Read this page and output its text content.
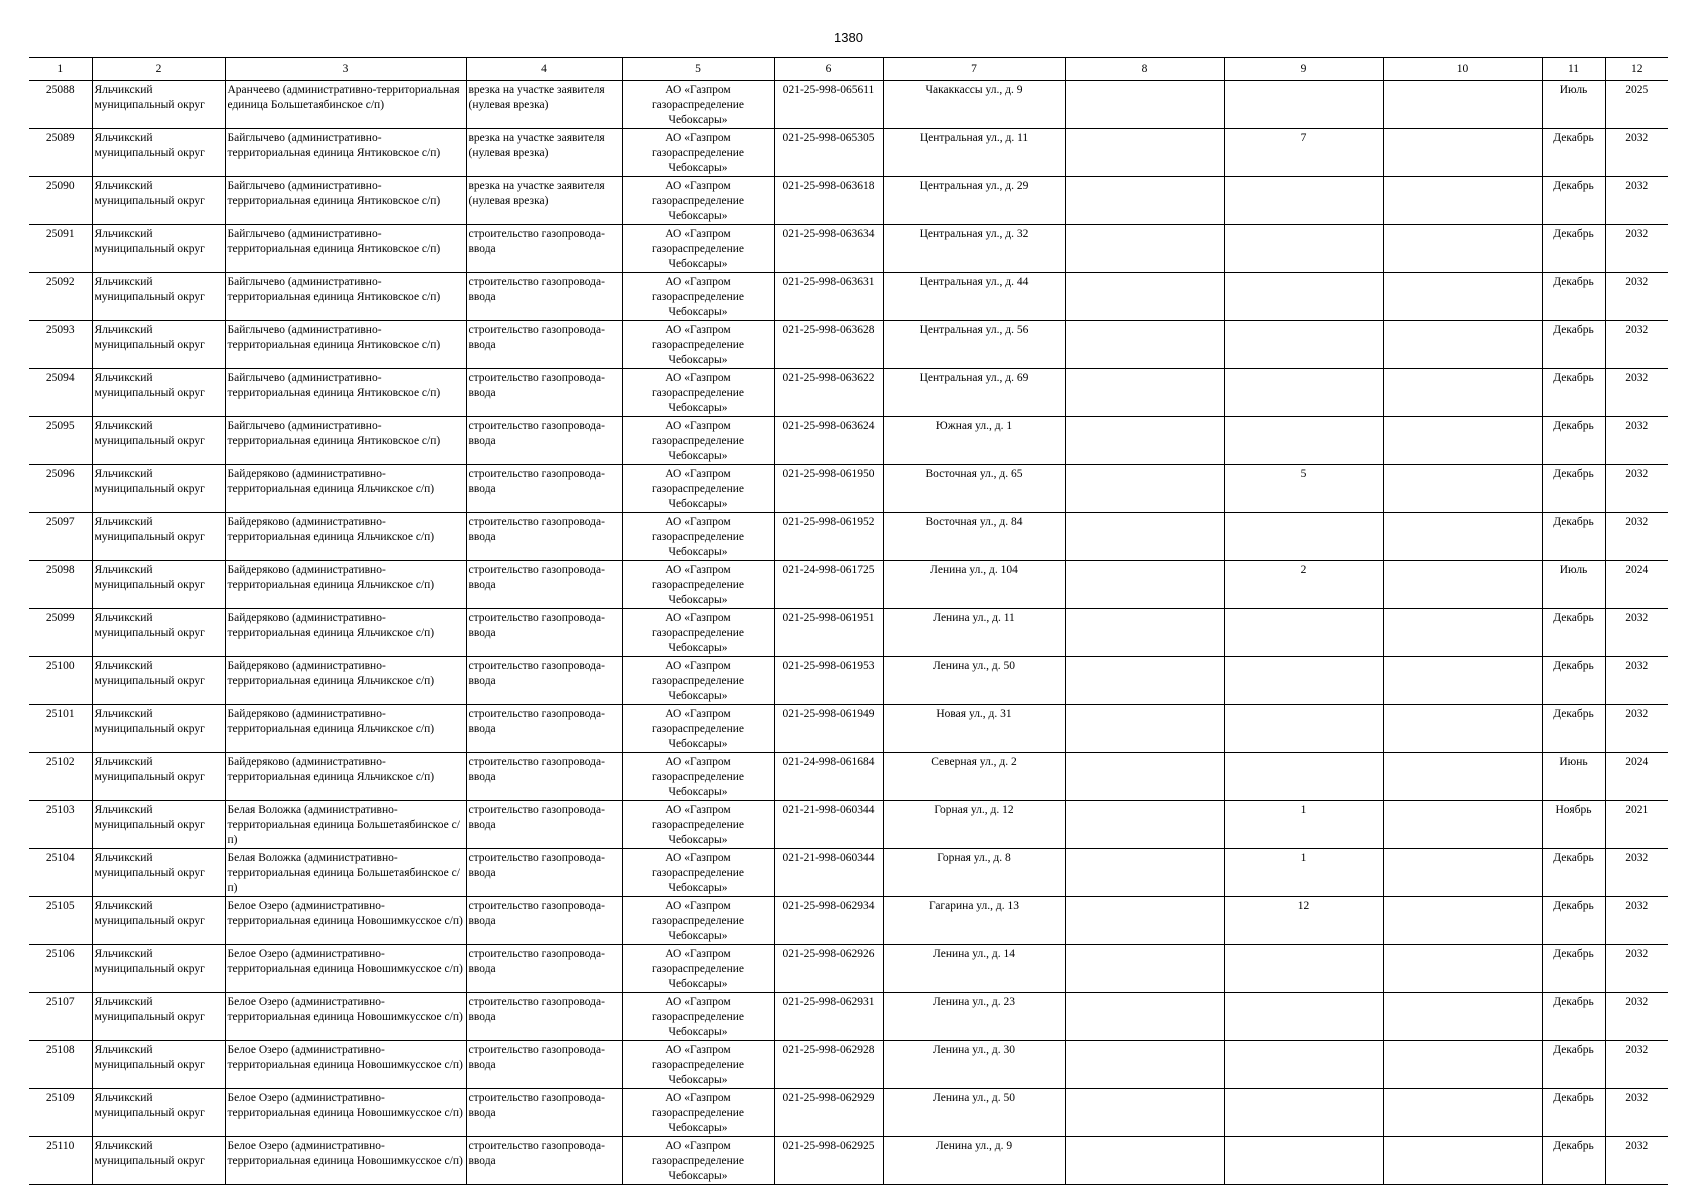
1380
1	2	3	4	5	6	7	8	9	10	11	12
25088	Яльчикский муниципальный округ	Аранчеево (административно-территориальная единица Большетаябинское с/п)	врезка на участке заявителя (нулевая врезка)	АО «Газпром газораспределение Чебоксары»	021-25-998-065611	Чакаккассы ул., д. 9				Июль	2025
25089	Яльчикский муниципальный округ	Байглычево (административно-территориальная единица Янтиковское с/п)	врезка на участке заявителя (нулевая врезка)	АО «Газпром газораспределение Чебоксары»	021-25-998-065305	Центральная ул., д. 11		7		Декабрь	2032
25090	Яльчикский муниципальный округ	Байглычево (административно-территориальная единица Янтиковское с/п)	врезка на участке заявителя (нулевая врезка)	АО «Газпром газораспределение Чебоксары»	021-25-998-063618	Центральная ул., д. 29				Декабрь	2032
25091	Яльчикский муниципальный округ	Байглычево (административно-территориальная единица Янтиковское с/п)	строительство газопровода-ввода	АО «Газпром газораспределение Чебоксары»	021-25-998-063634	Центральная ул., д. 32				Декабрь	2032
25092	Яльчикский муниципальный округ	Байглычево (административно-территориальная единица Янтиковское с/п)	строительство газопровода-ввода	АО «Газпром газораспределение Чебоксары»	021-25-998-063631	Центральная ул., д. 44				Декабрь	2032
25093	Яльчикский муниципальный округ	Байглычево (административно-территориальная единица Янтиковское с/п)	строительство газопровода-ввода	АО «Газпром газораспределение Чебоксары»	021-25-998-063628	Центральная ул., д. 56				Декабрь	2032
25094	Яльчикский муниципальный округ	Байглычево (административно-территориальная единица Янтиковское с/п)	строительство газопровода-ввода	АО «Газпром газораспределение Чебоксары»	021-25-998-063622	Центральная ул., д. 69				Декабрь	2032
25095	Яльчикский муниципальный округ	Байглычево (административно-территориальная единица Янтиковское с/п)	строительство газопровода-ввода	АО «Газпром газораспределение Чебоксары»	021-25-998-063624	Южная ул., д. 1				Декабрь	2032
25096	Яльчикский муниципальный округ	Байдеряково (административно-территориальная единица Яльчикское с/п)	строительство газопровода-ввода	АО «Газпром газораспределение Чебоксары»	021-25-998-061950	Восточная ул., д. 65		5		Декабрь	2032
25097	Яльчикский муниципальный округ	Байдеряково (административно-территориальная единица Яльчикское с/п)	строительство газопровода-ввода	АО «Газпром газораспределение Чебоксары»	021-25-998-061952	Восточная ул., д. 84				Декабрь	2032
25098	Яльчикский муниципальный округ	Байдеряково (административно-территориальная единица Яльчикское с/п)	строительство газопровода-ввода	АО «Газпром газораспределение Чебоксары»	021-24-998-061725	Ленина ул., д. 104		2		Июль	2024
25099	Яльчикский муниципальный округ	Байдеряково (административно-территориальная единица Яльчикское с/п)	строительство газопровода-ввода	АО «Газпром газораспределение Чебоксары»	021-25-998-061951	Ленина ул., д. 11				Декабрь	2032
25100	Яльчикский муниципальный округ	Байдеряково (административно-территориальная единица Яльчикское с/п)	строительство газопровода-ввода	АО «Газпром газораспределение Чебоксары»	021-25-998-061953	Ленина ул., д. 50				Декабрь	2032
25101	Яльчикский муниципальный округ	Байдеряково (административно-территориальная единица Яльчикское с/п)	строительство газопровода-ввода	АО «Газпром газораспределение Чебоксары»	021-25-998-061949	Новая ул., д. 31				Декабрь	2032
25102	Яльчикский муниципальный округ	Байдеряково (административно-территориальная единица Яльчикское с/п)	строительство газопровода-ввода	АО «Газпром газораспределение Чебоксары»	021-24-998-061684	Северная ул., д. 2				Июнь	2024
25103	Яльчикский муниципальный округ	Белая Воложка (административно-территориальная единица Большетаябинское с/п)	строительство газопровода-ввода	АО «Газпром газораспределение Чебоксары»	021-21-998-060344	Горная ул., д. 12		1		Ноябрь	2021
25104	Яльчикский муниципальный округ	Белая Воложка (административно-территориальная единица Большетаябинское с/п)	строительство газопровода-ввода	АО «Газпром газораспределение Чебоксары»	021-21-998-060344	Горная ул., д. 8		1		Декабрь	2032
25105	Яльчикский муниципальный округ	Белое Озеро (административно-территориальная единица Новошимкусское с/п)	строительство газопровода-ввода	АО «Газпром газораспределение Чебоксары»	021-25-998-062934	Гагарина ул., д. 13		12		Декабрь	2032
25106	Яльчикский муниципальный округ	Белое Озеро (административно-территориальная единица Новошимкусское с/п)	строительство газопровода-ввода	АО «Газпром газораспределение Чебоксары»	021-25-998-062926	Ленина ул., д. 14				Декабрь	2032
25107	Яльчикский муниципальный округ	Белое Озеро (административно-территориальная единица Новошимкусское с/п)	строительство газопровода-ввода	АО «Газпром газораспределение Чебоксары»	021-25-998-062931	Ленина ул., д. 23				Декабрь	2032
25108	Яльчикский муниципальный округ	Белое Озеро (административно-территориальная единица Новошимкусское с/п)	строительство газопровода-ввода	АО «Газпром газораспределение Чебоксары»	021-25-998-062928	Ленина ул., д. 30				Декабрь	2032
25109	Яльчикский муниципальный округ	Белое Озеро (административно-территориальная единица Новошимкусское с/п)	строительство газопровода-ввода	АО «Газпром газораспределение Чебоксары»	021-25-998-062929	Ленина ул., д. 50				Декабрь	2032
25110	Яльчикский муниципальный округ	Белое Озеро (административно-территориальная единица Новошимкусское с/п)	строительство газопровода-ввода	АО «Газпром газораспределение Чебоксары»	021-25-998-062925	Ленина ул., д. 9				Декабрь	2032
